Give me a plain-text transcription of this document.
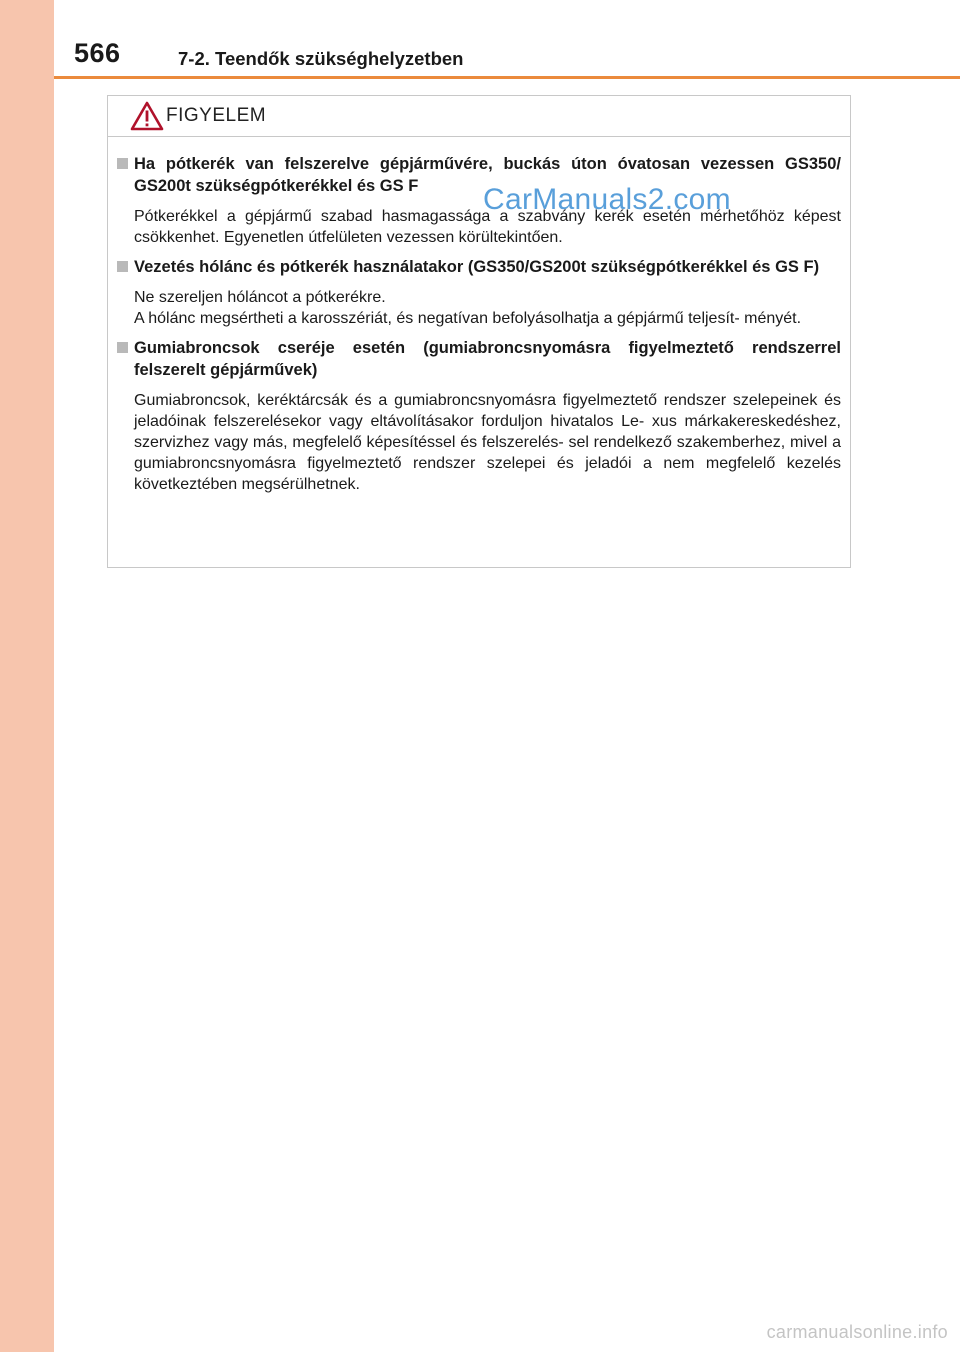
566	7-2. Teendők szükséghelyzetben
FIGYELEM
Ha pótkerék van felszerelve gépjárművére, buckás úton óvatosan vezessen GS350/ GS200t szükségpótkerékkel és GS F
Pótkerékkel a gépjármű szabad hasmagassága a szabvány kerék esetén mérhetőhöz képest csökkenhet. Egyenetlen útfelületen vezessen körültekintően.
Vezetés hólánc és pótkerék használatakor (GS350/GS200t szükségpótkerékkel és GS F)
Ne szereljen hóláncot a pótkerékre.
A hólánc megsértheti a karosszériát, és negatívan befolyásolhatja a gépjármű teljesít- ményét.
Gumiabroncsok cseréje esetén (gumiabroncsnyomásra figyelmeztető rendszerrel felszerelt gépjárművek)
Gumiabroncsok, keréktárcsák és a gumiabroncsnyomásra figyelmeztető rendszer szelepeinek és jeladóinak felszerelésekor vagy eltávolításakor forduljon hivatalos Le- xus márkakereskedéshez, szervizhez vagy más, megfelelő képesítéssel és felszerelés- sel rendelkező szakemberhez, mivel a gumiabroncsnyomásra figyelmeztető rendszer szelepei és jeladói a nem megfelelő kezelés következtében megsérülhetnek.
CarManuals2.com
carmanualsonline.info
